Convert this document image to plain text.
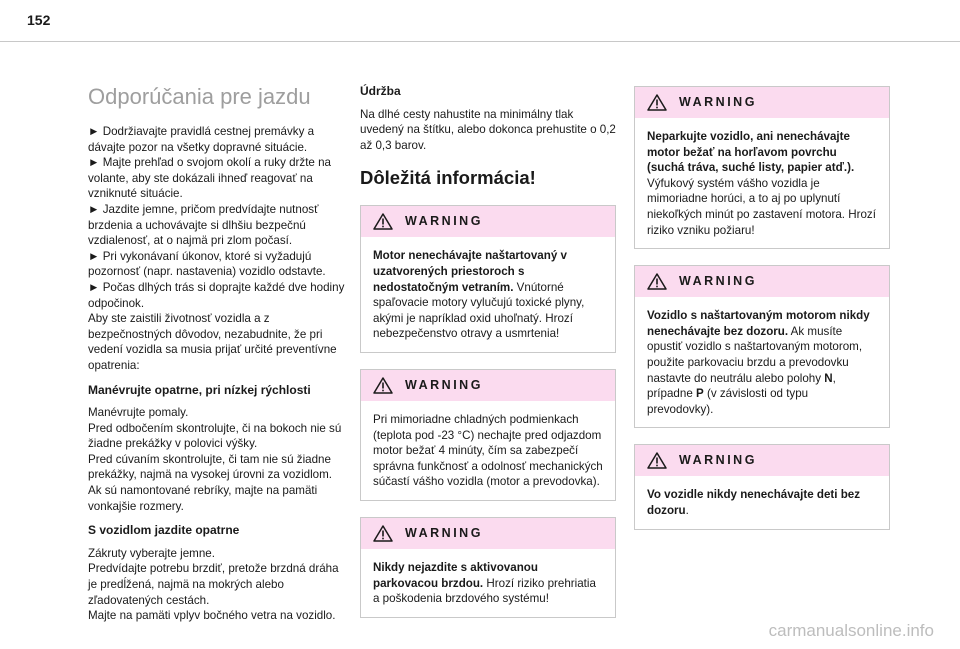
152
Odporúčania pre jazdu

► Dodržiavajte pravidlá cestnej premávky a dávajte pozor na všetky dopravné situácie.
► Majte prehľad o svojom okolí a ruky držte na volante, aby ste dokázali ihneď reagovať na vzniknuté situácie.
► Jazdite jemne, pričom predvídajte nutnosť brzdenia a uchovávajte si dlhšiu bezpečnú vzdialenosť, at o najmä pri zlom počasí.
► Pri vykonávaní úkonov, ktoré si vyžadujú pozornosť (napr. nastavenia) vozidlo odstavte.
► Počas dlhých trás si doprajte každé dve hodiny odpočinok.
Aby ste zaistili životnosť vozidla a z bezpečnostných dôvodov, nezabudnite, že pri vedení vozidla sa musia prijať určité preventívne opatrenia:

Manévrujte opatrne, pri nízkej rýchlosti

Manévrujte pomaly.
Pred odbočením skontrolujte, či na bokoch nie sú žiadne prekážky v polovici výšky.
Pred cúvaním skontrolujte, či tam nie sú žiadne prekážky, najmä na vysokej úrovni za vozidlom.
Ak sú namontované rebríky, majte na pamäti vonkajšie rozmery.

S vozidlom jazdite opatrne

Zákruty vyberajte jemne.
Predvídajte potrebu brzdiť, pretože brzdná dráha je predĺžená, najmä na mokrých alebo zľadovatených cestách.
Majte na pamäti vplyv bočného vetra na vozidlo.

Údržba

Na dlhé cesty nahustite na minimálny tlak uvedený na štítku, alebo dokonca prehustite o 0,2 až 0,3 barov.

Dôležitá informácia!
WARNING
Motor nenechávajte naštartovaný v uzatvorených priestoroch s nedostatočným vetraním. Vnútorné spaľovacie motory vylučujú toxické plyny, akými je napríklad oxid uhoľnatý. Hrozí nebezpečenstvo otravy a usmrtenia!
WARNING
Pri mimoriadne chladných podmienkach (teplota pod -23 °C) nechajte pred odjazdom motor bežať 4 minúty, čím sa zabezpečí správna funkčnosť a odolnosť mechanických súčastí vášho vozidla (motor a prevodovka).
WARNING
Nikdy nejazdite s aktivovanou parkovacou brzdou. Hrozí riziko prehriatia a poškodenia brzdového systému!
WARNING
Neparkujte vozidlo, ani nenechávajte motor bežať na horľavom povrchu (suchá tráva, suché listy, papier atď.). Výfukový systém vášho vozidla je mimoriadne horúci, a to aj po uplynutí niekoľkých minút po zastavení motora. Hrozí riziko vzniku požiaru!
WARNING
Vozidlo s naštartovaným motorom nikdy nenechávajte bez dozoru. Ak musíte opustiť vozidlo s naštartovaným motorom, použite parkovaciu brzdu a prevodovku nastavte do neutrálu alebo polohy N, prípadne P (v závislosti od typu prevodovky).
WARNING
Vo vozidle nikdy nenechávajte deti bez dozoru.
carmanualsonline.info
